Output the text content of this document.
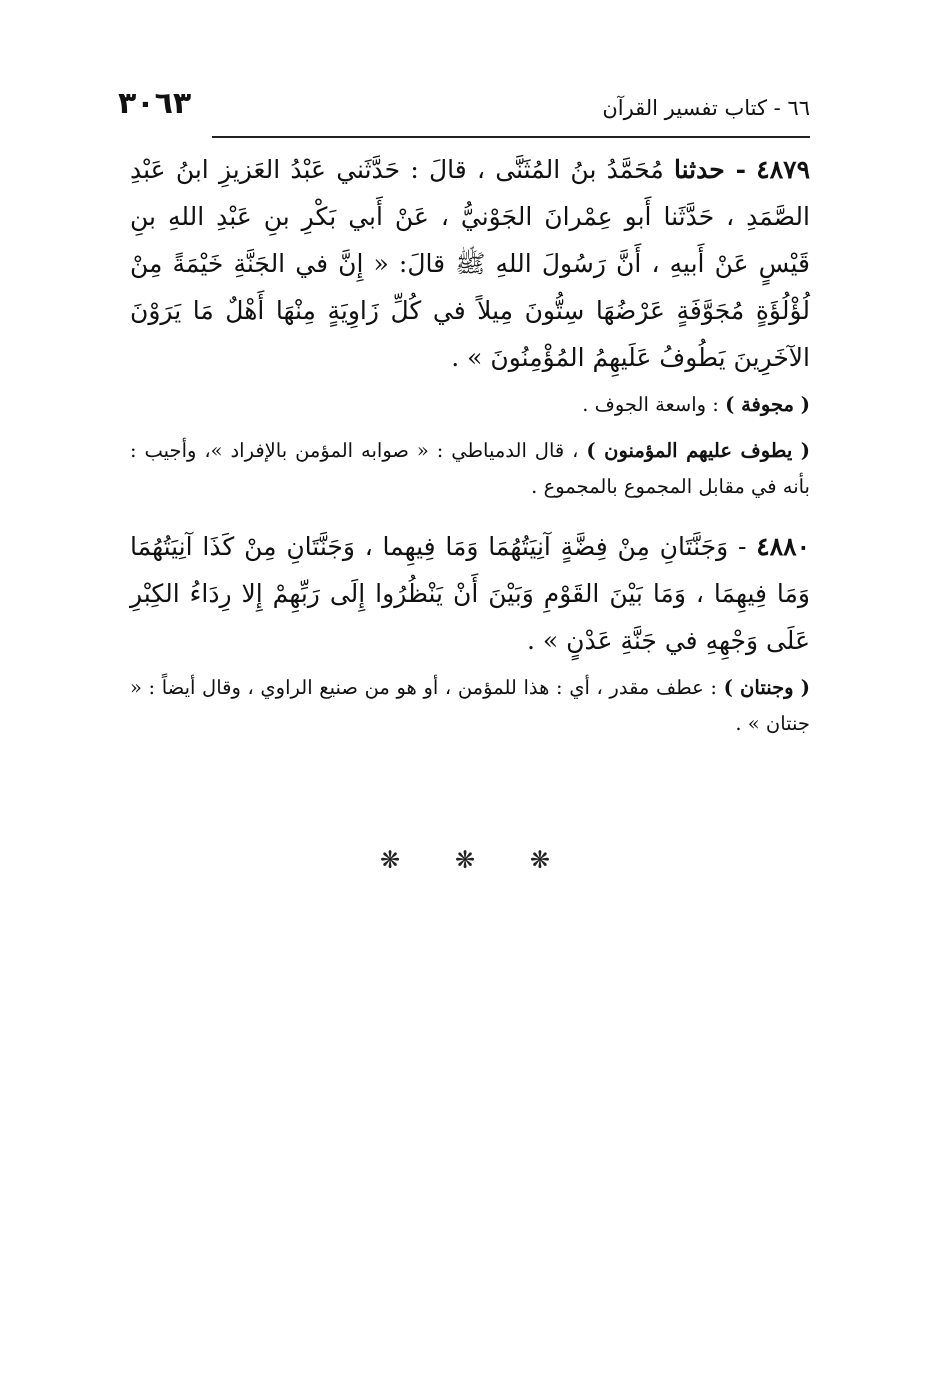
٦٦ - كتاب تفسير القرآن
٣٠٦٣

٤٨٧٩ - حدثنا مُحَمَّدُ بنُ المُثَنَّى ، قالَ : حَدَّثَني عَبْدُ العَزيزِ ابنُ عَبْدِ الصَّمَدِ ، حَدَّثَنا أَبو عِمْرانَ الجَوْنيُّ ، عَنْ أَبي بَكْرِ بنِ عَبْدِ اللهِ بنِ قَيْسٍ عَنْ أَبيهِ ، أَنَّ رَسُولَ اللهِ ﷺ قالَ: « إِنَّ في الجَنَّةِ خَيْمَةً مِنْ لُؤْلُؤَةٍ مُجَوَّفَةٍ عَرْضُهَا سِتُّونَ مِيلاً في كُلِّ زَاوِيَةٍ مِنْهَا أَهْلٌ مَا يَرَوْنَ الآخَرِينَ يَطُوفُ عَلَيهِمُ المُؤْمِنُونَ » .

( مجوفة ) : واسعة الجوف .

( يطوف عليهم المؤمنون ) ، قال الدمياطي : « صوابه المؤمن بالإفراد »، وأجيب : بأنه في مقابل المجموع بالمجموع .

٤٨٨٠ - وَجَنَّتَانِ مِنْ فِضَّةٍ آنِيَتُهُمَا وَمَا فِيهِما ، وَجَنَّتَانِ مِنْ كَذَا آنِيَتُهُمَا وَمَا فِيهِمَا ، وَمَا بَيْنَ القَوْمِ وَبَيْنَ أَنْ يَنْظُرُوا إِلَى رَبِّهِمْ إِلا رِدَاءُ الكِبْرِ عَلَى وَجْهِهِ في جَنَّةِ عَدْنٍ » .

( وجنتان ) : عطف مقدر ، أي : هذا للمؤمن ، أو هو من صنيع الراوي ، وقال أيضاً : « جنتان » .

❋ ❋ ❋
